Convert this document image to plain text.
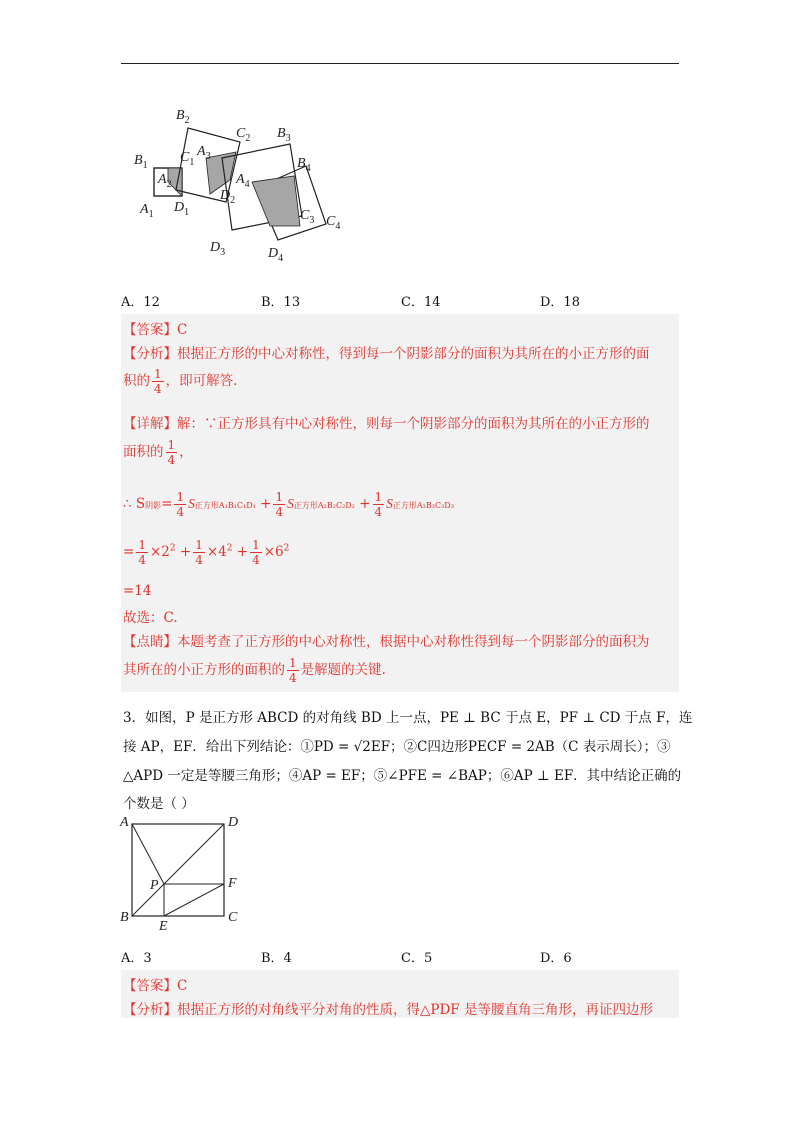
$B_2$
$C_2$ $B_3$
$B_1$
$C_1$
$A_3$	$B_4$
$A_2$	$A_4$
$D_2$
$A_1$ $D_1$	$C_3$ $C_4$
$D_3$	$D_4$
A．12	B．13	C．14	D．18
【答案】C
【分析】根据正方形的中心对称性，得到每一个阴影部分的面积为其所在的小正方形的面
积的 $\frac{1}{4}$ ，即可解答.
【详解】解：∵正方形具有中心对称性，则每一个阴影部分的面积为其所在的小正方形的
面积的 $\frac{1}{4}$ ，
∴ S阴影= $\frac{1}{4}$ S正方形$A_1B_1C_1D_1 + \frac{1}{4}$ S正方形$A_2B_2C_2D_2 + \frac{1}{4}$ S正方形A₃B₃C₃D₃
= $\frac{1}{4} \times 2^2 + \frac{1}{4} \times 4^2 + \frac{1}{4} \times 6^2$
=14
故选：C.
【点睛】本题考查了正方形的中心对称性，根据中心对称性得到每一个阴影部分的面积为
其所在的小正方形的面积的 $\frac{1}{4}$ 是解题的关键.
3．如图，P 是正方形 ABCD 的对角线 BD 上一点，PE ⊥ BC 于点 E，PF ⊥ CD 于点 F，连
接 AP，EF．给出下列结论：①PD = √2EF；②C四边形PECF = 2AB（C 表示周长）；③
△APD 一定是等腰三角形；④AP = EF；⑤∠PFE = ∠BAP；⑥AP ⊥ EF．其中结论正确的
个数是（ ）
A	D
P	F
B
E
C
A．3	B．4	C．5	D．6
【答案】C
【分析】根据正方形的对角线平分对角的性质，得△PDF 是等腰直角三角形，再证四边形
